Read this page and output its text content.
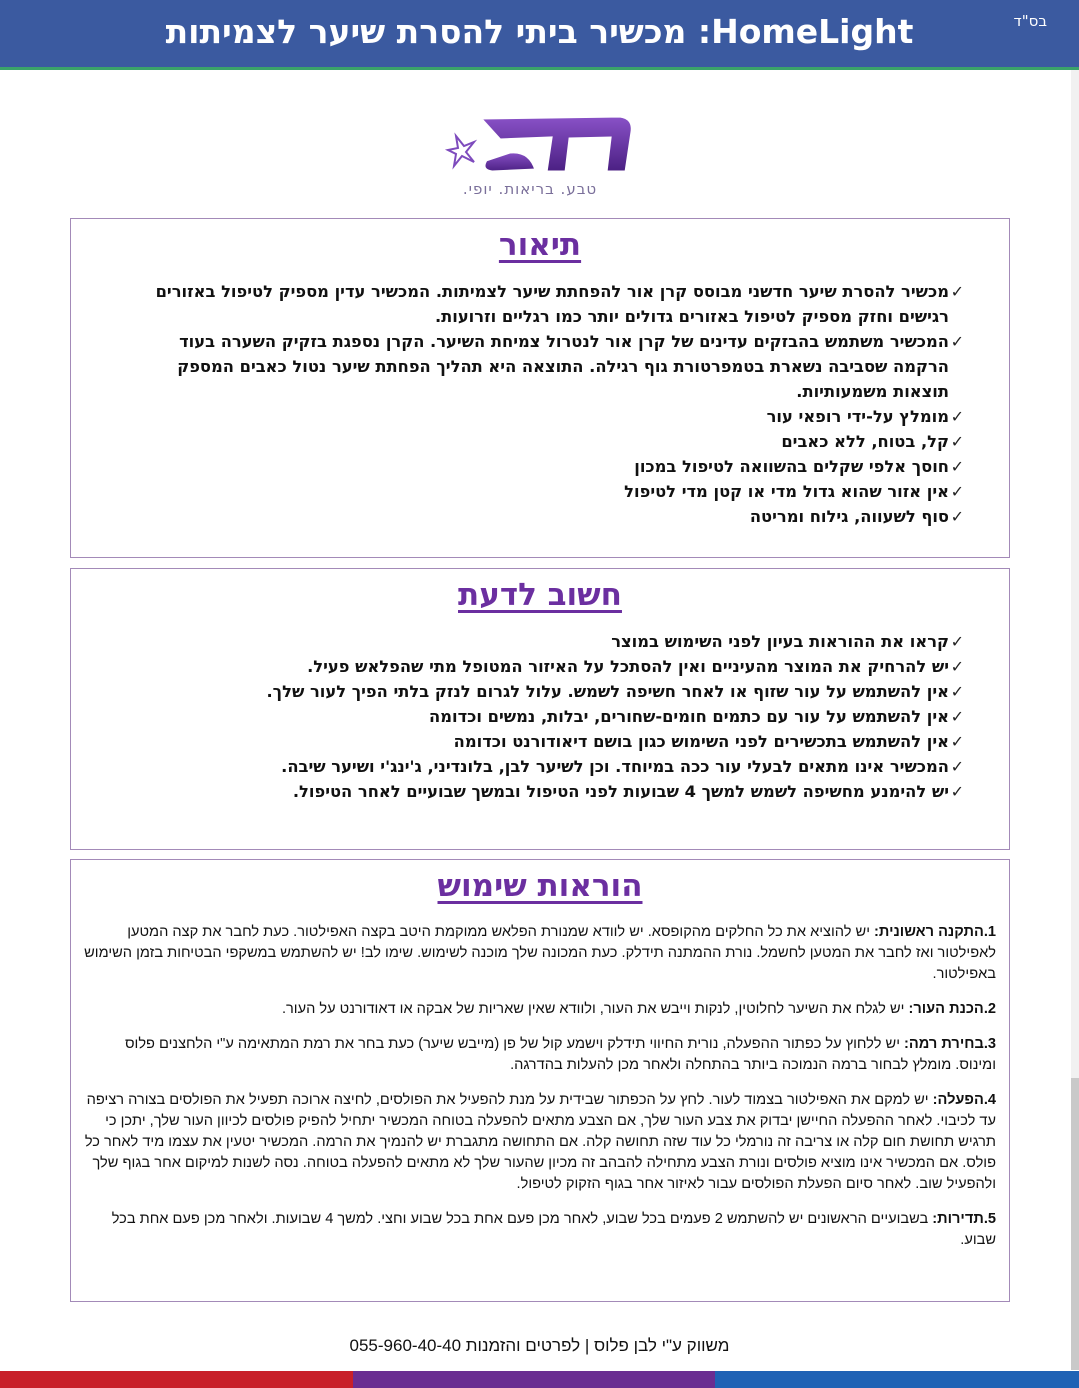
HomeLight: מכשיר ביתי להסרת שיער לצמיתות	בס"ד
לבן
טבע. בריאות. יופי.
תיאור
✓
מכשיר להסרת שיער חדשני מבוסס קרן אור להפחתת שיער לצמיתות. המכשיר עדין מספיק לטיפול באזורים רגישים וחזק מספיק לטיפול באזורים גדולים יותר כמו רגליים וזרועות.
✓
המכשיר משתמש בהבזקים עדינים של קרן אור לנטרול צמיחת השיער. הקרן נספגת בזקיק השערה בעוד הרקמה שסביבה נשארת בטמפרטורת גוף רגילה. התוצאה היא תהליך הפחתת שיער נטול כאבים המספק תוצאות משמעותיות.
✓
מומלץ על-ידי רופאי עור
✓
קל, בטוח, ללא כאבים
✓
חוסך אלפי שקלים בהשוואה לטיפול במכון
✓
אין אזור שהוא גדול מדי או קטן מדי לטיפול
✓
סוף לשעווה, גילוח ומריטה
חשוב לדעת
✓
קראו את ההוראות בעיון לפני השימוש במוצר
✓
יש להרחיק את המוצר מהעיניים ואין להסתכל על האיזור המטופל מתי שהפלאש פעיל.
✓
אין להשתמש על עור שזוף או לאחר חשיפה לשמש. עלול לגרום לנזק בלתי הפיך לעור שלך.
✓
אין להשתמש על עור עם כתמים חומים-שחורים, יבלות, נמשים וכדומה
✓
אין להשתמש בתכשירים לפני השימוש כגון בושם דיאודורנט וכדומה
✓
המכשיר אינו מתאים לבעלי עור ככה במיוחד. וכן לשיער לבן, בלונדיני, ג'ינג'י ושיער שיבה.
✓
יש להימנע מחשיפה לשמש למשך 4 שבועות לפני הטיפול ובמשך שבועיים לאחר הטיפול.
הוראות שימוש

1.התקנה ראשונית: יש להוציא את כל החלקים מהקופסא. יש לוודא שמנורת הפלאש ממוקמת היטב בקצה האפילטור. כעת לחבר את קצה המטען לאפילטור ואז לחבר את המטען לחשמל. נורת ההמתנה תידלק. כעת המכונה שלך מוכנה לשימוש. שימו לב! יש להשתמש במשקפי הבטיחות בזמן השימוש באפילטור.

2.הכנת העור: יש לגלח את השיער לחלוטין, לנקות וייבש את העור, ולוודא שאין שאריות של אבקה או דאודורנט על העור.

3.בחירת רמה: יש ללחוץ על כפתור ההפעלה, נורית החיווי תידלק וישמע קול של פן (מייבש שיער) כעת בחר את רמת המתאימה ע"י הלחצנים פלוס ומינוס. מומלץ לבחור ברמה הנמוכה ביותר בהתחלה ולאחר מכן להעלות בהדרגה.

4.הפעלה: יש למקם את האפילטור בצמוד לעור. לחץ על הכפתור שבידית על מנת להפעיל את הפולסים, לחיצה ארוכה תפעיל את הפולסים בצורה רציפה עד לכיבוי. לאחר ההפעלה החיישן יבדוק את צבע העור שלך, אם הצבע מתאים להפעלה בטוחה המכשיר יתחיל להפיק פולסים לכיוון העור שלך, יתכן כי תרגיש תחושת חום קלה או צריבה זה נורמלי כל עוד שזה תחושה קלה. אם התחושה מתגברת יש להנמיך את הרמה. המכשיר יטעין את עצמו מיד לאחר כל פולס. אם המכשיר אינו מוציא פולסים ונורת הצבע מתחילה להבהב זה מכיון שהעור שלך לא מתאים להפעלה בטוחה. נסה לשנות למיקום אחר בגוף שלך ולהפעיל שוב. לאחר סיום הפעלת הפולסים עבור לאיזור אחר בגוף הזקוק לטיפול.

5.תדירות: בשבועיים הראשונים יש להשתמש 2 פעמים בכל שבוע, לאחר מכן פעם אחת בכל שבוע וחצי. למשך 4 שבועות. ולאחר מכן פעם אחת בכל שבוע.

משווק ע"י לבן פלוס | לפרטים והזמנות 055-960-40-40
